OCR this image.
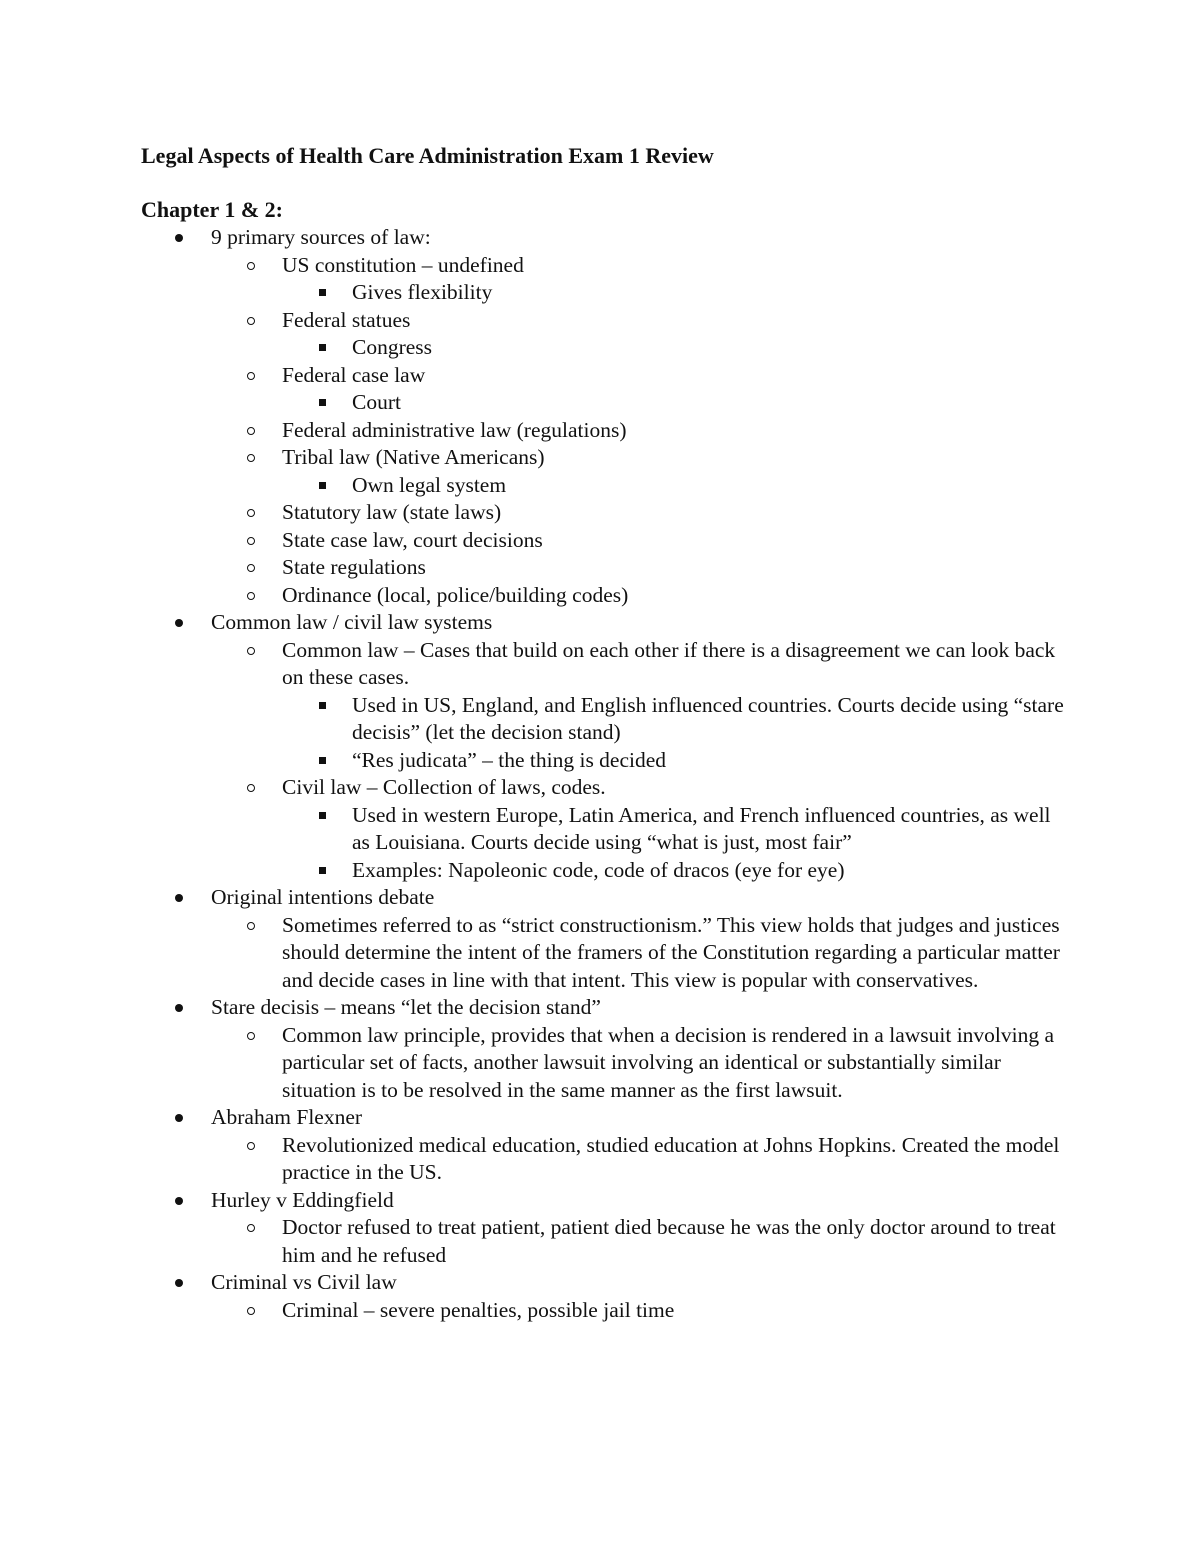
Legal Aspects of Health Care Administration Exam 1 Review
Chapter 1 & 2:
9 primary sources of law:
US constitution – undefined
Gives flexibility
Federal statues
Congress
Federal case law
Court
Federal administrative law (regulations)
Tribal law (Native Americans)
Own legal system
Statutory law (state laws)
State case law, court decisions
State regulations
Ordinance (local, police/building codes)
Common law / civil law systems
Common law – Cases that build on each other if there is a disagreement we can look back on these cases.
Used in US, England, and English influenced countries. Courts decide using “stare decisis” (let the decision stand)
“Res judicata” – the thing is decided
Civil law – Collection of laws, codes.
Used in western Europe, Latin America, and French influenced countries, as well as Louisiana. Courts decide using “what is just, most fair”
Examples: Napoleonic code, code of dracos (eye for eye)
Original intentions debate
Sometimes referred to as “strict constructionism.” This view holds that judges and justices should determine the intent of the framers of the Constitution regarding a particular matter and decide cases in line with that intent. This view is popular with conservatives.
Stare decisis – means “let the decision stand”
Common law principle, provides that when a decision is rendered in a lawsuit involving a particular set of facts, another lawsuit involving an identical or substantially similar situation is to be resolved in the same manner as the first lawsuit.
Abraham Flexner
Revolutionized medical education, studied education at Johns Hopkins. Created the model practice in the US.
Hurley v Eddingfield
Doctor refused to treat patient, patient died because he was the only doctor around to treat him and he refused
Criminal vs Civil law
Criminal – severe penalties, possible jail time
